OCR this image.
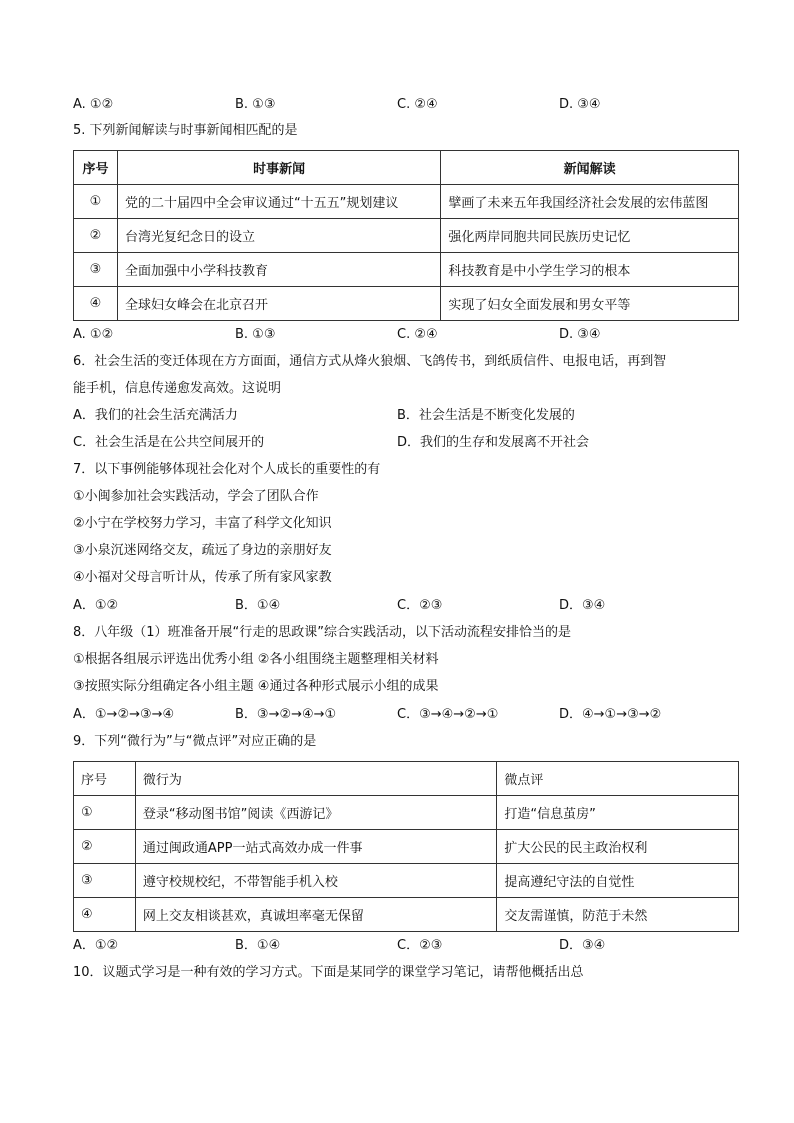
A. ①②	B. ①③	C. ②④	D. ③④
5. 下列新闻解读与时事新闻相匹配的是
序号	时事新闻	新闻解读
①	党的二十届四中全会审议通过“十五五”规划建议	擘画了未来五年我国经济社会发展的宏伟蓝图
②	台湾光复纪念日的设立	强化两岸同胞共同民族历史记忆
③	全面加强中小学科技教育	科技教育是中小学生学习的根本
④	全球妇女峰会在北京召开	实现了妇女全面发展和男女平等
A. ①②	B. ①③	C. ②④	D. ③④
6．社会生活的变迁体现在方方面面，通信方式从烽火狼烟、飞鸽传书，到纸质信件、电报电话，再到智
能手机，信息传递愈发高效。这说明
A．我们的社会生活充满活力	B．社会生活是不断变化发展的
C．社会生活是在公共空间展开的	D．我们的生存和发展离不开社会
7．以下事例能够体现社会化对个人成长的重要性的有
①小闽参加社会实践活动，学会了团队合作
②小宁在学校努力学习，丰富了科学文化知识
③小泉沉迷网络交友，疏远了身边的亲朋好友
④小福对父母言听计从，传承了所有家风家教
A．①②	B．①④	C．②③	D．③④
8．八年级（1）班准备开展“行走的思政课”综合实践活动，以下活动流程安排恰当的是
①根据各组展示评选出优秀小组 ②各小组围绕主题整理相关材料
③按照实际分组确定各小组主题 ④通过各种形式展示小组的成果
A．①→②→③→④	B．③→②→④→①	C．③→④→②→①	D．④→①→③→②
9．下列“微行为”与“微点评”对应正确的是
序号	微行为	微点评
①	登录“移动图书馆”阅读《西游记》	打造“信息茧房”
②	通过闽政通APP一站式高效办成一件事	扩大公民的民主政治权利
③	遵守校规校纪，不带智能手机入校	提高遵纪守法的自觉性
④	网上交友相谈甚欢，真诚坦率毫无保留	交友需谨慎，防范于未然
A．①②	B．①④	C．②③	D．③④
10．议题式学习是一种有效的学习方式。下面是某同学的课堂学习笔记，请帮他概括出总
